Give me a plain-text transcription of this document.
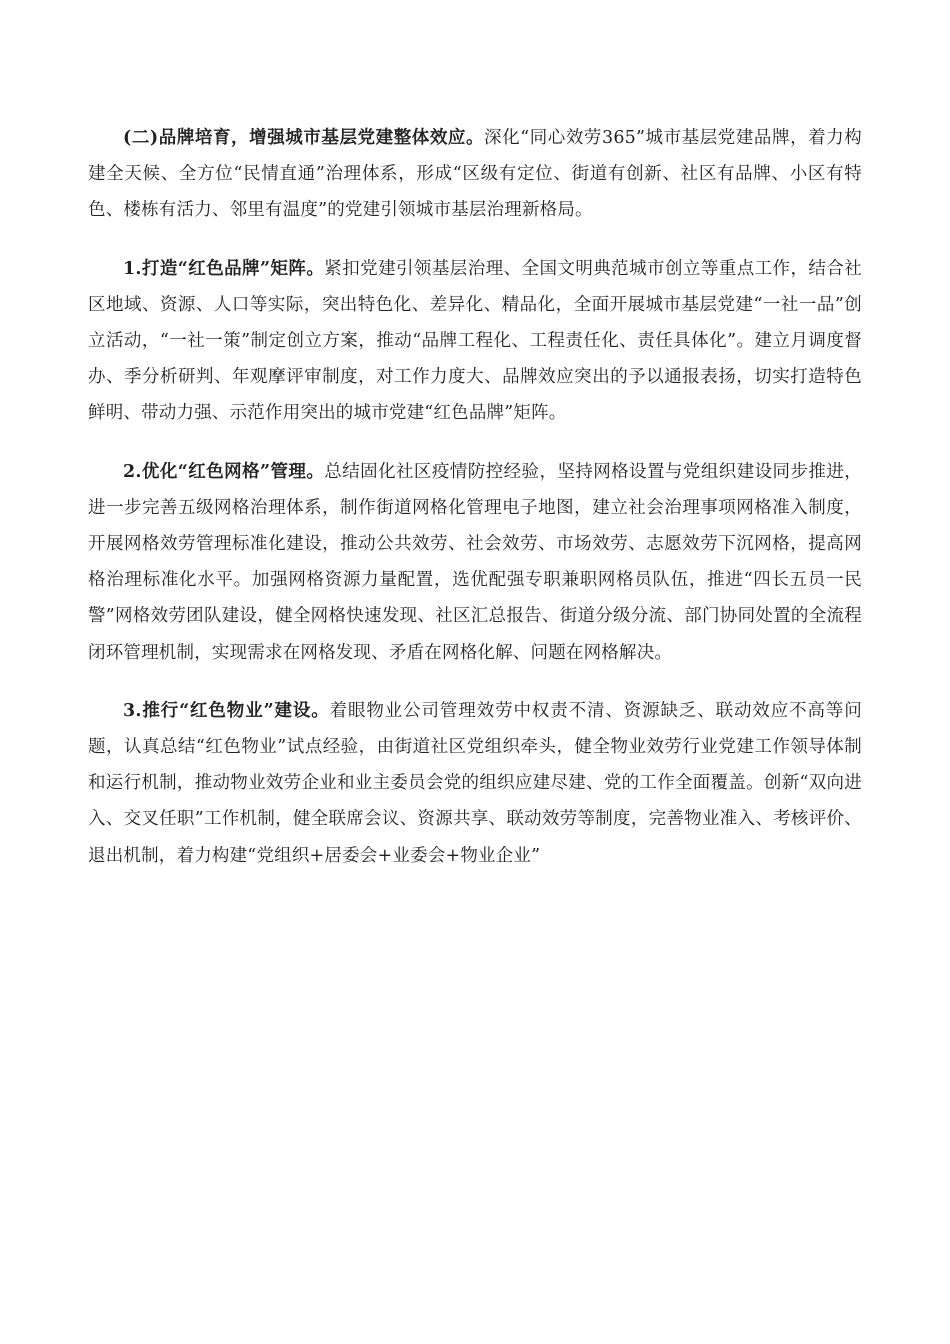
(二)品牌培育，增强城市基层党建整体效应。深化“同心效劳365”城市基层党建品牌，着力构建全天候、全方位“民情直通”治理体系，形成“区级有定位、街道有创新、社区有品牌、小区有特色、楼栋有活力、邻里有温度”的党建引领城市基层治理新格局。

1.打造“红色品牌”矩阵。紧扣党建引领基层治理、全国文明典范城市创立等重点工作，结合社区地域、资源、人口等实际，突出特色化、差异化、精品化，全面开展城市基层党建“一社一品”创立活动，“一社一策”制定创立方案，推动“品牌工程化、工程责任化、责任具体化”。建立月调度督办、季分析研判、年观摩评审制度，对工作力度大、品牌效应突出的予以通报表扬，切实打造特色鲜明、带动力强、示范作用突出的城市党建“红色品牌”矩阵。

2.优化“红色网格”管理。总结固化社区疫情防控经验，坚持网格设置与党组织建设同步推进，进一步完善五级网格治理体系，制作街道网格化管理电子地图，建立社会治理事项网格准入制度，开展网格效劳管理标准化建设，推动公共效劳、社会效劳、市场效劳、志愿效劳下沉网格，提高网格治理标准化水平。加强网格资源力量配置，选优配强专职兼职网格员队伍，推进“四长五员一民警”网格效劳团队建设，健全网格快速发现、社区汇总报告、街道分级分流、部门协同处置的全流程闭环管理机制，实现需求在网格发现、矛盾在网格化解、问题在网格解决。

3.推行“红色物业”建设。着眼物业公司管理效劳中权责不清、资源缺乏、联动效应不高等问题，认真总结“红色物业”试点经验，由街道社区党组织牵头，健全物业效劳行业党建工作领导体制和运行机制，推动物业效劳企业和业主委员会党的组织应建尽建、党的工作全面覆盖。创新“双向进入、交叉任职”工作机制，健全联席会议、资源共享、联动效劳等制度，完善物业准入、考核评价、退出机制，着力构建“党组织+居委会+业委会+物业企业”
